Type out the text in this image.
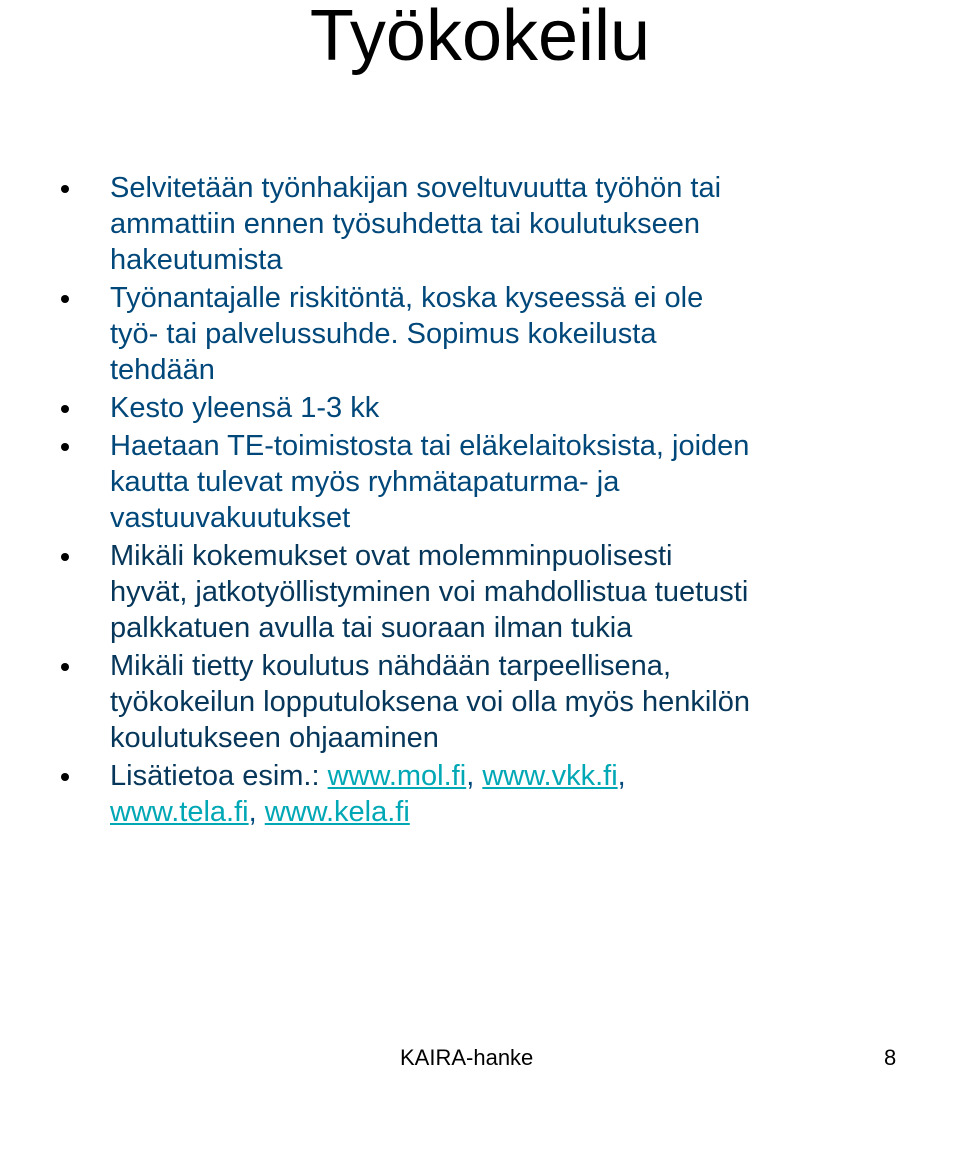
Työkokeilu
Selvitetään työnhakijan soveltuvuutta työhön tai
ammattiin ennen työsuhdetta tai koulutukseen
hakeutumista
Työnantajalle riskitöntä, koska kyseessä ei ole
työ- tai palvelussuhde. Sopimus kokeilusta
tehdään
Kesto yleensä 1-3 kk
Haetaan TE-toimistosta tai eläkelaitoksista, joiden
kautta tulevat myös ryhmätapaturma- ja
vastuuvakuutukset
Mikäli kokemukset ovat molemminpuolisesti
hyvät, jatkotyöllistyminen voi mahdollistua tuetusti
palkkatuen avulla tai suoraan ilman tukia
Mikäli tietty koulutus nähdään tarpeellisena,
työkokeilun lopputuloksena voi olla myös henkilön
koulutukseen ohjaaminen
Lisätietoa esim.: www.mol.fi, www.vkk.fi,
www.tela.fi, www.kela.fi
KAIRA-hanke	8
